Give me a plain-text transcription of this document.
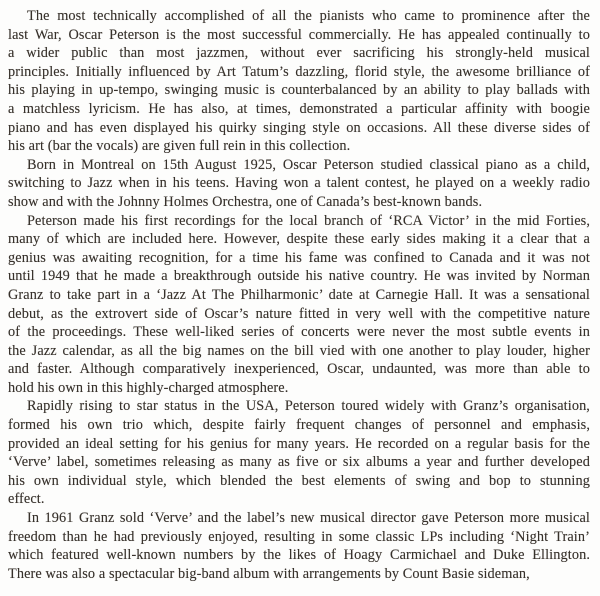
The most technically accomplished of all the pianists who came to prominence after the
last War, Oscar Peterson is the most successful commercially. He has appealed continually to
a wider public than most jazzmen, without ever sacrificing his strongly-held musical
principles. Initially influenced by Art Tatum’s dazzling, florid style, the awesome brilliance of
his playing in up-tempo, swinging music is counterbalanced by an ability to play ballads with
a matchless lyricism. He has also, at times, demonstrated a particular affinity with boogie
piano and has even displayed his quirky singing style on occasions. All these diverse sides of
his art (bar the vocals) are given full rein in this collection.
Born in Montreal on 15th August 1925, Oscar Peterson studied classical piano as a child,
switching to Jazz when in his teens. Having won a talent contest, he played on a weekly radio
show and with the Johnny Holmes Orchestra, one of Canada’s best-known bands.
Peterson made his first recordings for the local branch of ‘RCA Victor’ in the mid Forties,
many of which are included here. However, despite these early sides making it a clear that a
genius was awaiting recognition, for a time his fame was confined to Canada and it was not
until 1949 that he made a breakthrough outside his native country. He was invited by Norman
Granz to take part in a ‘Jazz At The Philharmonic’ date at Carnegie Hall. It was a sensational
debut, as the extrovert side of Oscar’s nature fitted in very well with the competitive nature
of the proceedings. These well-liked series of concerts were never the most subtle events in
the Jazz calendar, as all the big names on the bill vied with one another to play louder, higher
and faster. Although comparatively inexperienced, Oscar, undaunted, was more than able to
hold his own in this highly-charged atmosphere.
Rapidly rising to star status in the USA, Peterson toured widely with Granz’s organisation,
formed his own trio which, despite fairly frequent changes of personnel and emphasis,
provided an ideal setting for his genius for many years. He recorded on a regular basis for the
‘Verve’ label, sometimes releasing as many as five or six albums a year and further developed
his own individual style, which blended the best elements of swing and bop to stunning
effect.
In 1961 Granz sold ‘Verve’ and the label’s new musical director gave Peterson more musical
freedom than he had previously enjoyed, resulting in some classic LPs including ‘Night Train’
which featured well-known numbers by the likes of Hoagy Carmichael and Duke Ellington.
There was also a spectacular big-band album with arrangements by Count Basie sideman,
